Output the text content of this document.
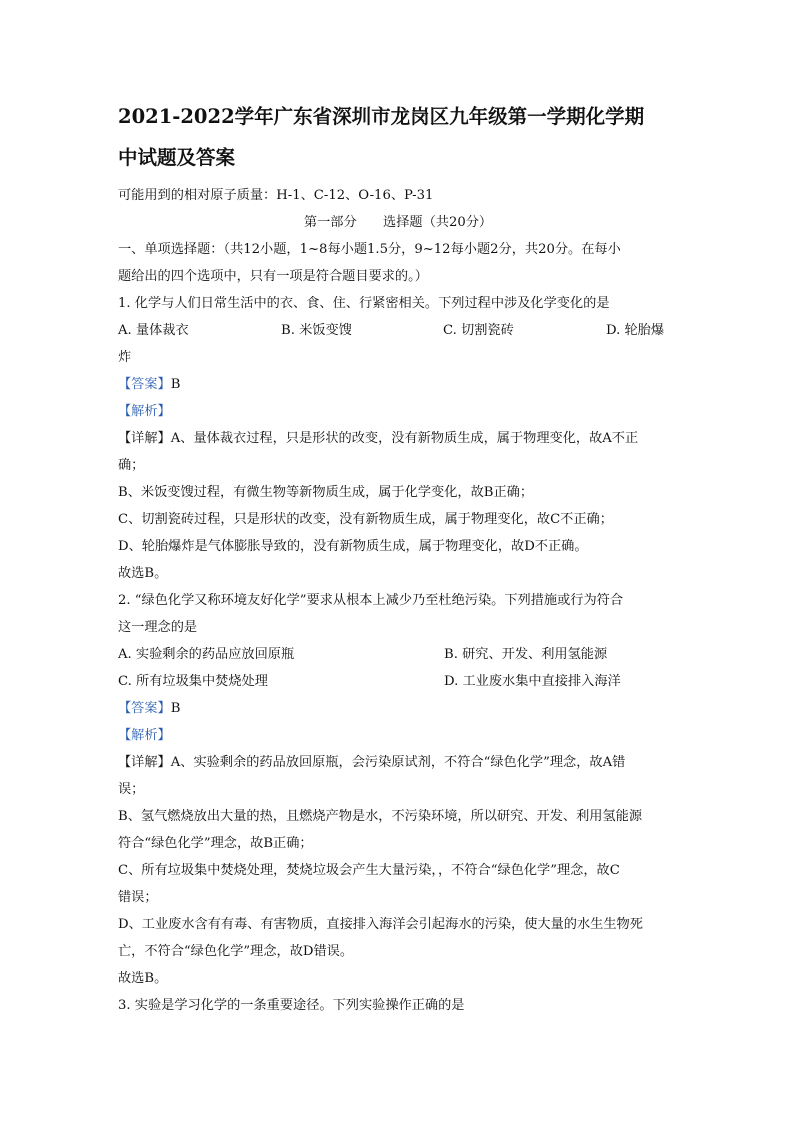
2021-2022学年广东省深圳市龙岗区九年级第一学期化学期
中试题及答案
可能用到的相对原子质量：H-1、C-12、O-16、P-31
第一部分　　选择题（共20分）
一、单项选择题：（共12小题，1~8每小题1.5分，9~12每小题2分，共20分。在每小
题给出的四个选项中，只有一项是符合题目要求的。）
1. 化学与人们日常生活中的衣、食、住、行紧密相关。下列过程中涉及化学变化的是
A. 量体裁衣	B. 米饭变馊	C. 切割瓷砖	D. 轮胎爆
炸
【答案】B
【解析】
【详解】A、量体裁衣过程，只是形状的改变，没有新物质生成，属于物理变化，故A不正
确；
B、米饭变馊过程，有微生物等新物质生成，属于化学变化，故B正确；
C、切割瓷砖过程，只是形状的改变，没有新物质生成，属于物理变化，故C不正确；
D、轮胎爆炸是气体膨胀导致的，没有新物质生成，属于物理变化，故D不正确。
故选B。
2. “绿色化学又称环境友好化学”要求从根本上减少乃至杜绝污染。下列措施或行为符合
这一理念的是
A. 实验剩余的药品应放回原瓶	B. 研究、开发、利用氢能源
C. 所有垃圾集中焚烧处理	D. 工业废水集中直接排入海洋
【答案】B
【解析】
【详解】A、实验剩余的药品放回原瓶，会污染原试剂，不符合“绿色化学”理念，故A错
误；
B、氢气燃烧放出大量的热，且燃烧产物是水，不污染环境，所以研究、开发、利用氢能源
符合“绿色化学”理念，故B正确；
C、所有垃圾集中焚烧处理，焚烧垃圾会产生大量污染，，不符合“绿色化学”理念，故C
错误；
D、工业废水含有有毒、有害物质，直接排入海洋会引起海水的污染，使大量的水生生物死
亡，不符合“绿色化学”理念，故D错误。
故选B。
3. 实验是学习化学的一条重要途径。下列实验操作正确的是
